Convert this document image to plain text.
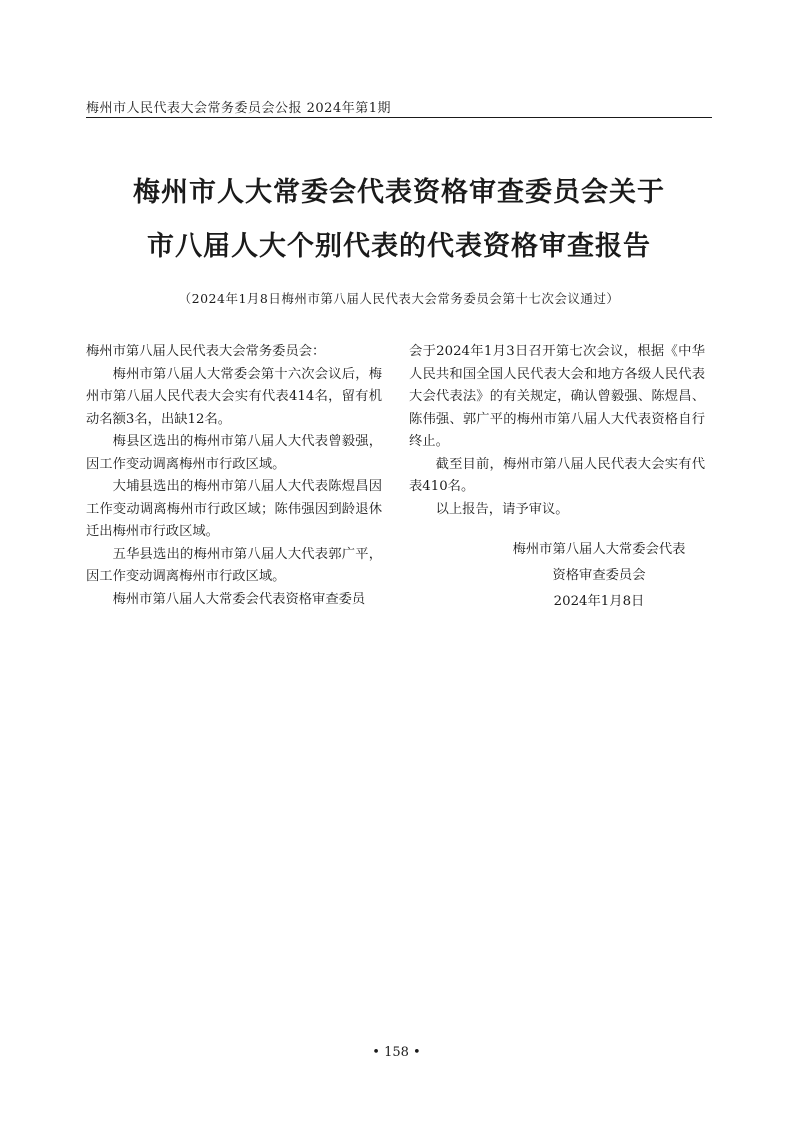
梅州市人民代表大会常务委员会公报 2024年第1期
梅州市人大常委会代表资格审查委员会关于
市八届人大个别代表的代表资格审查报告
（2024年1月8日梅州市第八届人民代表大会常务委员会第十七次会议通过）

梅州市第八届人民代表大会常务委员会：

梅州市第八届人大常委会第十六次会议后，梅州市第八届人民代表大会实有代表414名，留有机动名额3名，出缺12名。

梅县区选出的梅州市第八届人大代表曾毅强，因工作变动调离梅州市行政区域。

大埔县选出的梅州市第八届人大代表陈煜昌因工作变动调离梅州市行政区域；陈伟强因到龄退休迁出梅州市行政区域。

五华县选出的梅州市第八届人大代表郭广平，因工作变动调离梅州市行政区域。

梅州市第八届人大常委会代表资格审查委员

会于2024年1月3日召开第七次会议，根据《中华人民共和国全国人民代表大会和地方各级人民代表大会代表法》的有关规定，确认曾毅强、陈煜昌、陈伟强、郭广平的梅州市第八届人大代表资格自行终止。

截至目前，梅州市第八届人民代表大会实有代表410名。

以上报告，请予审议。

梅州市第八届人大常委会代表
资格审查委员会
2024年1月8日
• 158 •
